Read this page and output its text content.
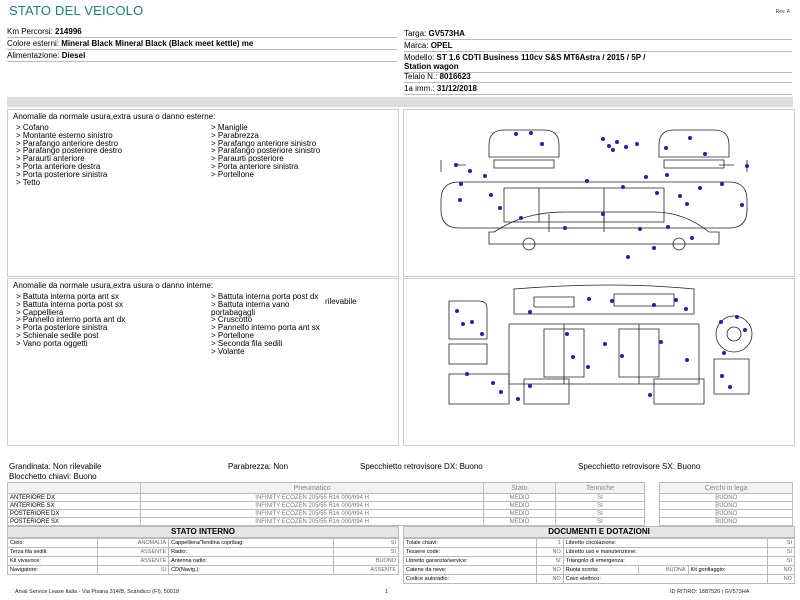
STATO DEL VEICOLO	Rev. A
Km Percorsi: 214996
Colore esterni: Mineral Black Mineral Black (Black meet kettle) me
Alimentazione: Diesel
Targa: GV573HA
Marca: OPEL
Modello: ST 1.6 CDTI Business 110cv S&S MT6Astra / 2015 / 5P /
Station wagon
Telaio N.: 8016623
1a imm.: 31/12/2018
Anomalie da normale usura,extra usura o danno esterne:
> Cofano
> Montante esterno sinistro
> Parafango anteriore destro
> Parafango posteriore destro
> Paraurti anteriore
> Porta anteriore destra
> Porta posteriore sinistra
> Tetto
> Maniglie
> Parabrezza
> Parafango anteriore sinistro
> Parafango posteriore sinistro
> Paraurti posteriore
> Porta anteriore sinistra
> Portellone
Anomalie da normale usura,extra usura o danno interne:
> Battuta interna porta ant sx
> Battuta interna porta post sx
> Cappelliera
> Pannello interno porta ant dx
> Porta posteriore sinistra
> Schienale sedile post
> Vano porta oggetti
> Battuta interna porta post dx
> Battuta interna vano	rilevabile
portabagagli
> Cruscotto
> Pannello interno porta ant sx
> Portellone
> Seconda fila sedili
> Volante
Grandinata: Non rilevabile	Parabrezza: Non	Specchietto retrovisore DX: Buono	Specchietto retrovisore SX: Buono
Blocchetto chiavi: Buono
	Pneumatico	Stato	Tenniche		Cerchi in lega
ANTERIORE DX	INFINITY ECOZEN 205/55 R16 000/094 H	MEDIO	SI		BUONO
ANTERIORE SX	INFINITY ECOZEN 205/55 R16 000/094 H	MEDIO	SI		BUONO
POSTERIORE DX	INFINITY ECOZEN 205/55 R16 000/094 H	MEDIO	SI		BUONO
POSTERIORE SX	INFINITY ECOZEN 205/55 R16 000/094 H	MEDIO	SI		BUONO
STATO INTERNO
Cielo:	ANOMALIA	Cappelliera/Tendina copribag:	SI
Terza fila sedili:	ASSENTE	Radio:	SI
Kit vivavoce:	ASSENTE	Antenna radio:	BUONO
Navigatore:	SI	CD(Navig.):	ASSENTE
DOCUMENTI E DOTAZIONI
Totale chiavi:	1	Libretto circolazione:			SI
Tessere code:	NO	Libretto uso e manutenzione:			SI
Libretto garanzia/service:	SI	Triangolo di emergenza:			SI
Catene da neve:	NO	Ruota scorta:	BUONA	Kit gonfiaggio:	NO
Codice autoradio:	NO	Cavo elettrico:			NO
Arval Service Lease Italia - Via Pisana 314/B, Scandicci (FI), 50018	1	ID RITIRO: 1887520 | GV573HA
